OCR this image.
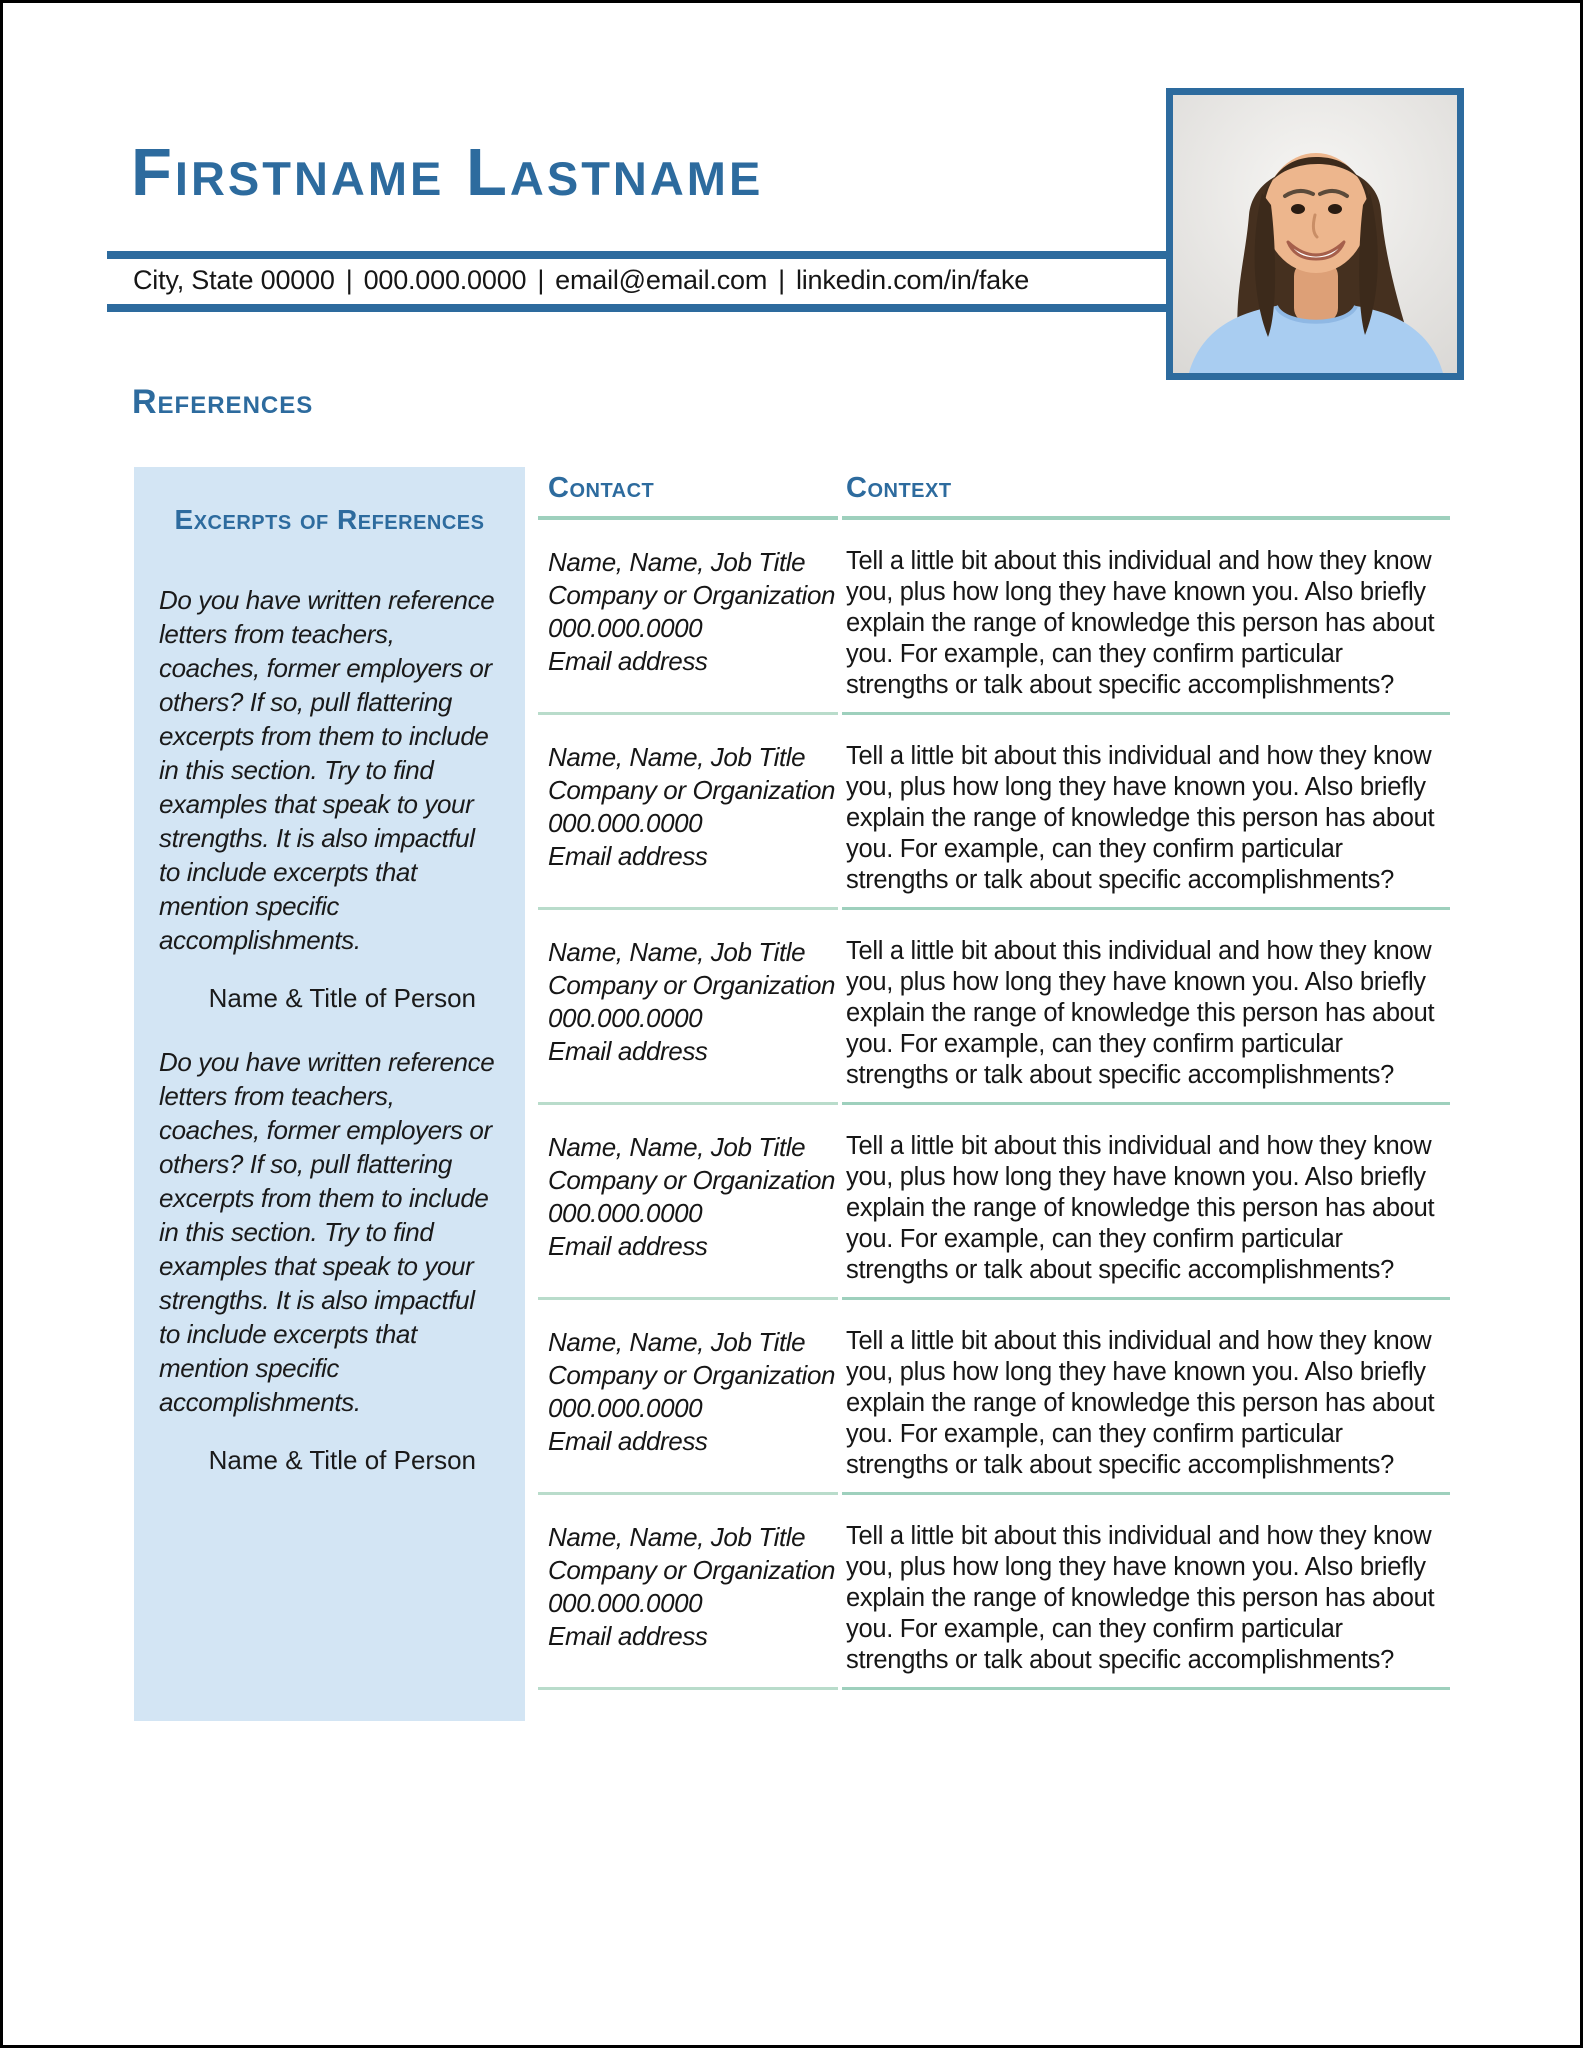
Firstname Lastname
City, State 00000 | 000.000.0000 | email@email.com | linkedin.com/in/fake
References
Excerpts of References

Do you have written reference letters from teachers, coaches, former employers or others? If so, pull flattering excerpts from them to include in this section. Try to find examples that speak to your strengths. It is also impactful to include excerpts that mention specific accomplishments.

Name & Title of Person

Do you have written reference letters from teachers, coaches, former employers or others? If so, pull flattering excerpts from them to include in this section. Try to find examples that speak to your strengths. It is also impactful to include excerpts that mention specific accomplishments.

Name & Title of Person
Contact	Context
Name, Name, Job Title
Company or Organization
000.000.0000
Email address
Tell a little bit about this individual and how they know you, plus how long they have known you. Also briefly explain the range of knowledge this person has about you. For example, can they confirm particular strengths or talk about specific accomplishments?
Name, Name, Job Title
Company or Organization
000.000.0000
Email address
Tell a little bit about this individual and how they know you, plus how long they have known you. Also briefly explain the range of knowledge this person has about you. For example, can they confirm particular strengths or talk about specific accomplishments?
Name, Name, Job Title
Company or Organization
000.000.0000
Email address
Tell a little bit about this individual and how they know you, plus how long they have known you. Also briefly explain the range of knowledge this person has about you. For example, can they confirm particular strengths or talk about specific accomplishments?
Name, Name, Job Title
Company or Organization
000.000.0000
Email address
Tell a little bit about this individual and how they know you, plus how long they have known you. Also briefly explain the range of knowledge this person has about you. For example, can they confirm particular strengths or talk about specific accomplishments?
Name, Name, Job Title
Company or Organization
000.000.0000
Email address
Tell a little bit about this individual and how they know you, plus how long they have known you. Also briefly explain the range of knowledge this person has about you. For example, can they confirm particular strengths or talk about specific accomplishments?
Name, Name, Job Title
Company or Organization
000.000.0000
Email address
Tell a little bit about this individual and how they know you, plus how long they have known you. Also briefly explain the range of knowledge this person has about you. For example, can they confirm particular strengths or talk about specific accomplishments?
